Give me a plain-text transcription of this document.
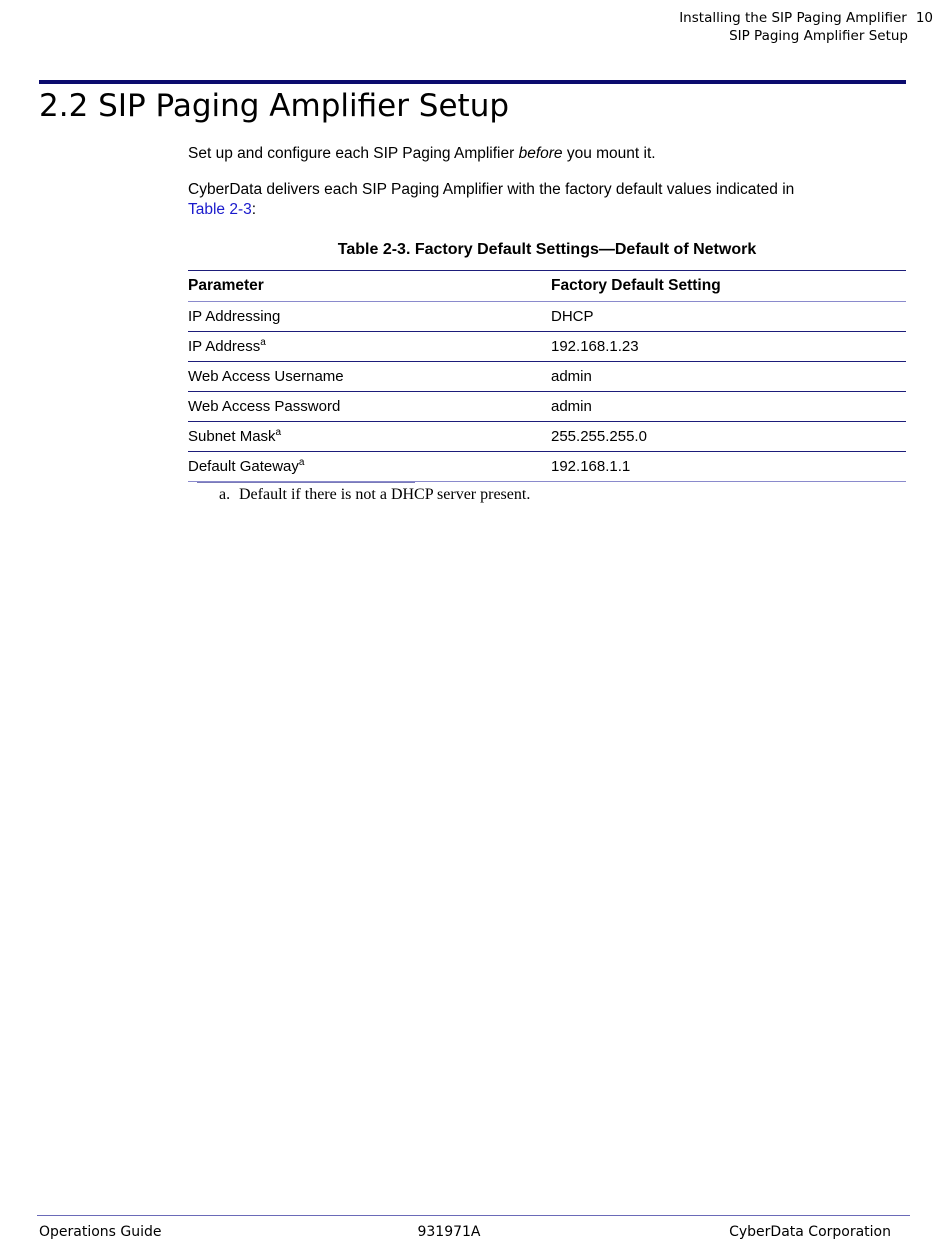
Installing the SIP Paging Amplifier 10
SIP Paging Amplifier Setup
2.2 SIP Paging Amplifier Setup

Set up and configure each SIP Paging Amplifier before you mount it.

CyberData delivers each SIP Paging Amplifier with the factory default values indicated in
Table 2-3:

Table 2-3. Factory Default Settings—Default of Network
Parameter	Factory Default Setting
IP Addressing	DHCP
IP Address$^a$	192.168.1.23
Web Access Username	admin
Web Access Password	admin
Subnet Mask$^a$	255.255.255.0
Default Gateway$^a$	192.168.1.1
a. Default if there is not a DHCP server present.
Operations Guide	931971A	CyberData Corporation
